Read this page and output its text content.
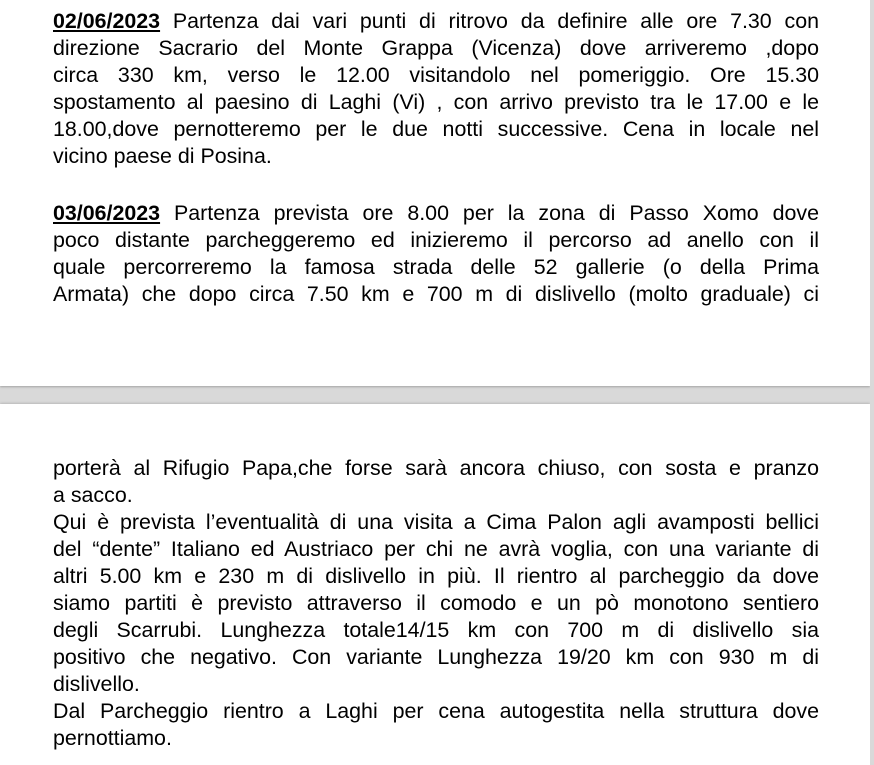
02/06/2023 Partenza dai vari punti di ritrovo da definire alle ore 7.30 con
direzione Sacrario del Monte Grappa (Vicenza) dove arriveremo ,dopo
circa 330 km, verso le 12.00 visitandolo nel pomeriggio. Ore 15.30
spostamento al paesino di Laghi (Vi) , con arrivo previsto tra le 17.00 e le
18.00,dove pernotteremo per le due notti successive. Cena in locale nel
vicino paese di Posina.

03/06/2023 Partenza prevista ore 8.00 per la zona di Passo Xomo dove
poco distante parcheggeremo ed inizieremo il percorso ad anello con il
quale percorreremo la famosa strada delle 52 gallerie (o della Prima
Armata) che dopo circa 7.50 km e 700 m di dislivello (molto graduale) ci

porterà al Rifugio Papa,che forse sarà ancora chiuso, con sosta e pranzo
a sacco.
Qui è prevista l’eventualità di una visita a Cima Palon agli avamposti bellici
del “dente” Italiano ed Austriaco per chi ne avrà voglia, con una variante di
altri 5.00 km e 230 m di dislivello in più. Il rientro al parcheggio da dove
siamo partiti è previsto attraverso il comodo e un pò monotono sentiero
degli Scarrubi. Lunghezza totale14/15 km con 700 m di dislivello sia
positivo che negativo. Con variante Lunghezza 19/20 km con 930 m di
dislivello.
Dal Parcheggio rientro a Laghi per cena autogestita nella struttura dove
pernottiamo.
